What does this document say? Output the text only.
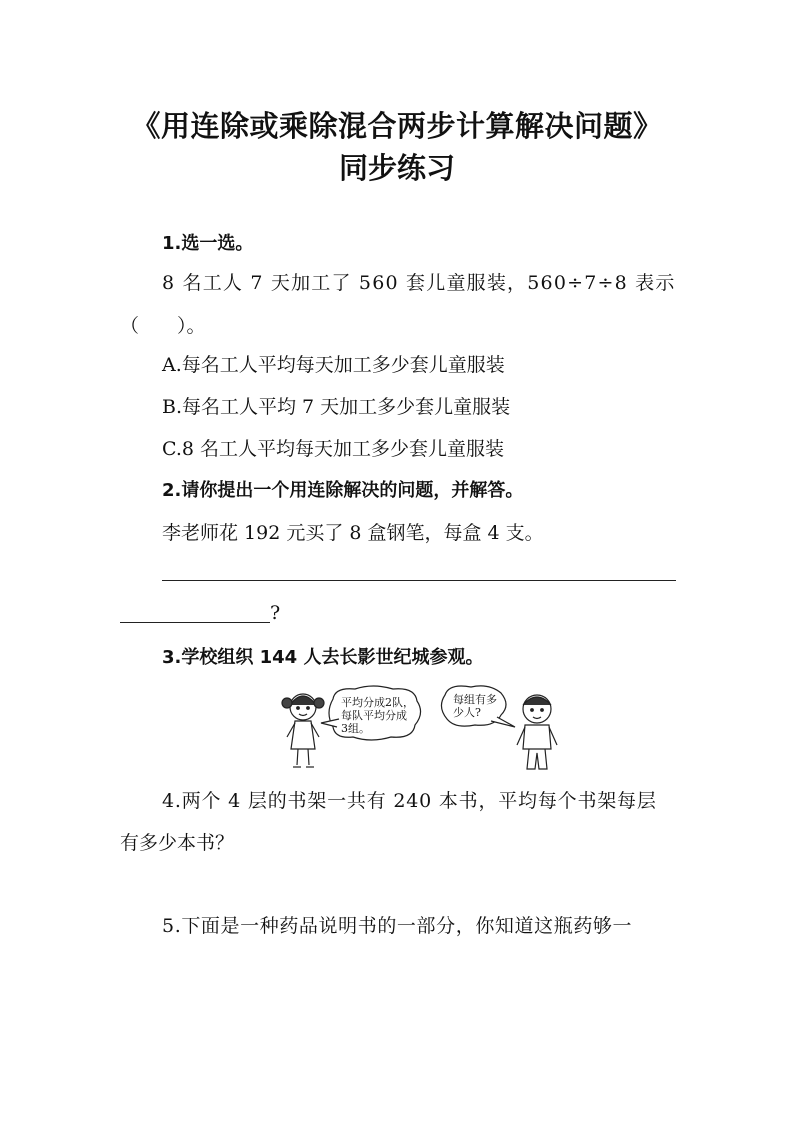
《用连除或乘除混合两步计算解决问题》
同步练习
1.选一选。
8 名工人 7 天加工了 560 套儿童服装，560÷7÷8 表示
（　　）。
A.每名工人平均每天加工多少套儿童服装
B.每名工人平均 7 天加工多少套儿童服装
C.8 名工人平均每天加工多少套儿童服装
2.请你提出一个用连除解决的问题，并解答。
李老师花 192 元买了 8 盒钢笔，每盒 4 支。
?
3.学校组织 144 人去长影世纪城参观。
平均分成2队，
每队平均分成
3组。
每组有多
少人?
4.两个 4 层的书架一共有 240 本书，平均每个书架每层
有多少本书？
5.下面是一种药品说明书的一部分，你知道这瓶药够一
